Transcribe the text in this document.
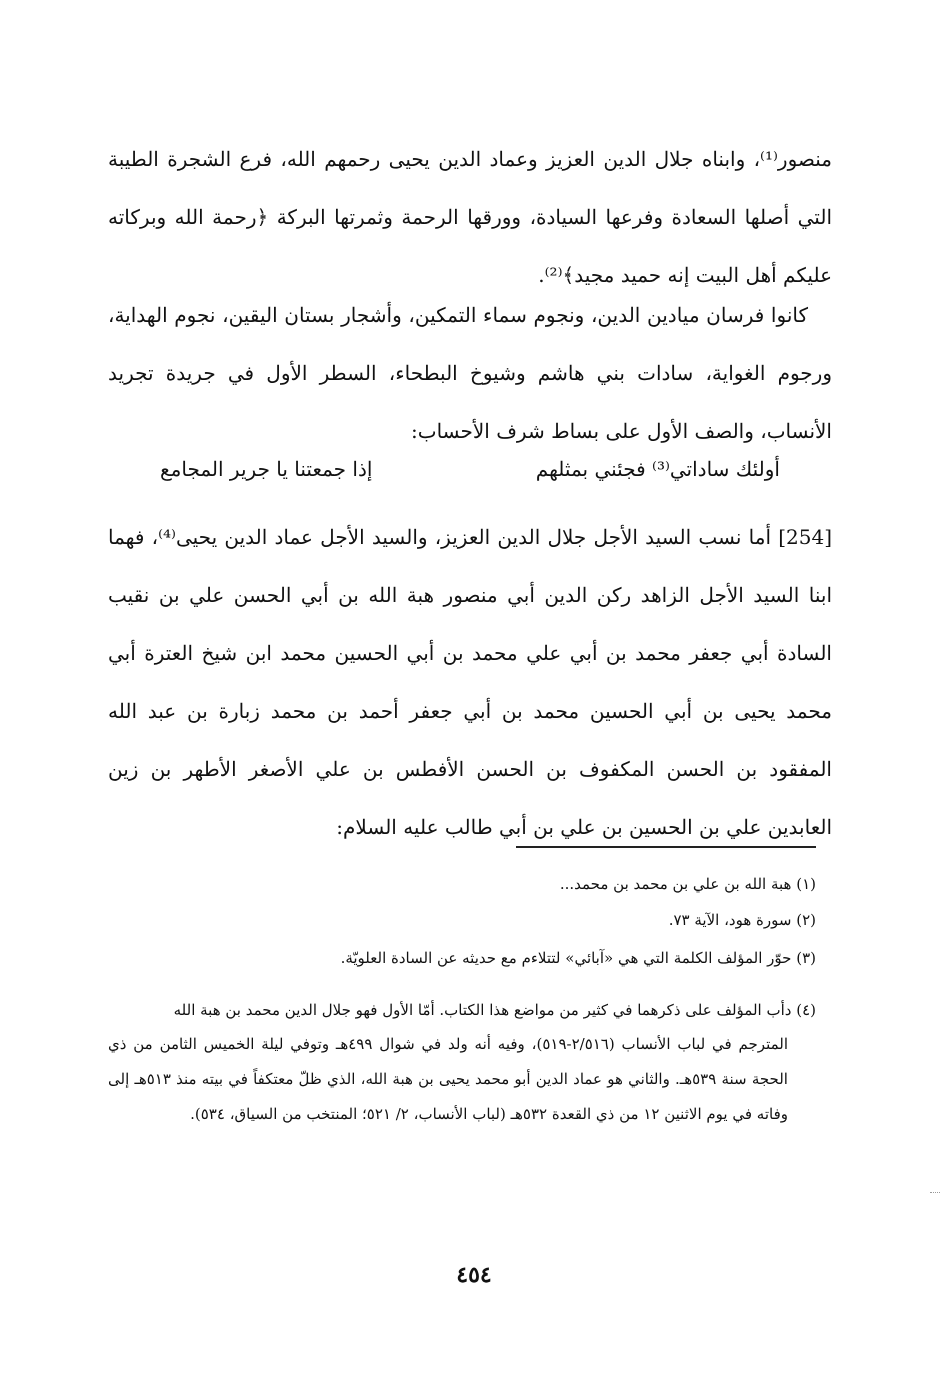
منصور⁽¹⁾، وابناه جلال الدين العزيز وعماد الدين يحيى رحمهم الله، فرع الشجرة الطيبة التي أصلها السعادة وفرعها السيادة، وورقها الرحمة وثمرتها البركة ﴿رحمة الله وبركاته عليكم أهل البيت إنه حميد مجيد﴾⁽²⁾.

كانوا فرسان ميادين الدين، ونجوم سماء التمكين، وأشجار بستان اليقين، نجوم الهداية، ورجوم الغواية، سادات بني هاشم وشيوخ البطحاء، السطر الأول في جريدة تجريد الأنساب، والصف الأول على بساط شرف الأحساب:

أولئك ساداتي⁽³⁾ فجئني بمثلهم
إذا جمعتنا يا جرير المجامع

[254] أما نسب السيد الأجل جلال الدين العزيز، والسيد الأجل عماد الدين يحيى⁽⁴⁾، فهما ابنا السيد الأجل الزاهد ركن الدين أبي منصور هبة الله بن أبي الحسن علي بن نقيب السادة أبي جعفر محمد بن أبي علي محمد بن أبي الحسين محمد ابن شيخ العترة أبي محمد يحيى بن أبي الحسين محمد بن أبي جعفر أحمد بن محمد زبارة بن عبد الله المفقود بن الحسن المكفوف بن الحسن الأفطس بن علي الأصغر الأطهر بن زين العابدين علي بن الحسين بن علي بن أبي طالب عليه السلام:

(١) هبة الله بن علي بن محمد بن محمد...
(٢) سورة هود، الآية ٧٣.
(٣) حوّر المؤلف الكلمة التي هي «آبائي» لتتلاءم مع حديثه عن السادة العلويّة.
(٤) دأب المؤلف على ذكرهما في كثير من مواضع هذا الكتاب. أمّا الأول فهو جلال الدين محمد بن هبة الله
المترجم في لباب الأنساب (٢/٥١٦-٥١٩)، وفيه أنه ولد في شوال ٤٩٩هـ وتوفي ليلة الخميس الثامن من ذي الحجة سنة ٥٣٩هـ. والثاني هو عماد الدين أبو محمد يحيى بن هبة الله، الذي ظلّ معتكفاً في بيته منذ ٥١٣هـ إلى وفاته في يوم الاثنين ١٢ من ذي القعدة ٥٣٢هـ (لباب الأنساب، ٢/ ٥٢١؛ المنتخب من السياق، ٥٣٤).
٤٥٤
